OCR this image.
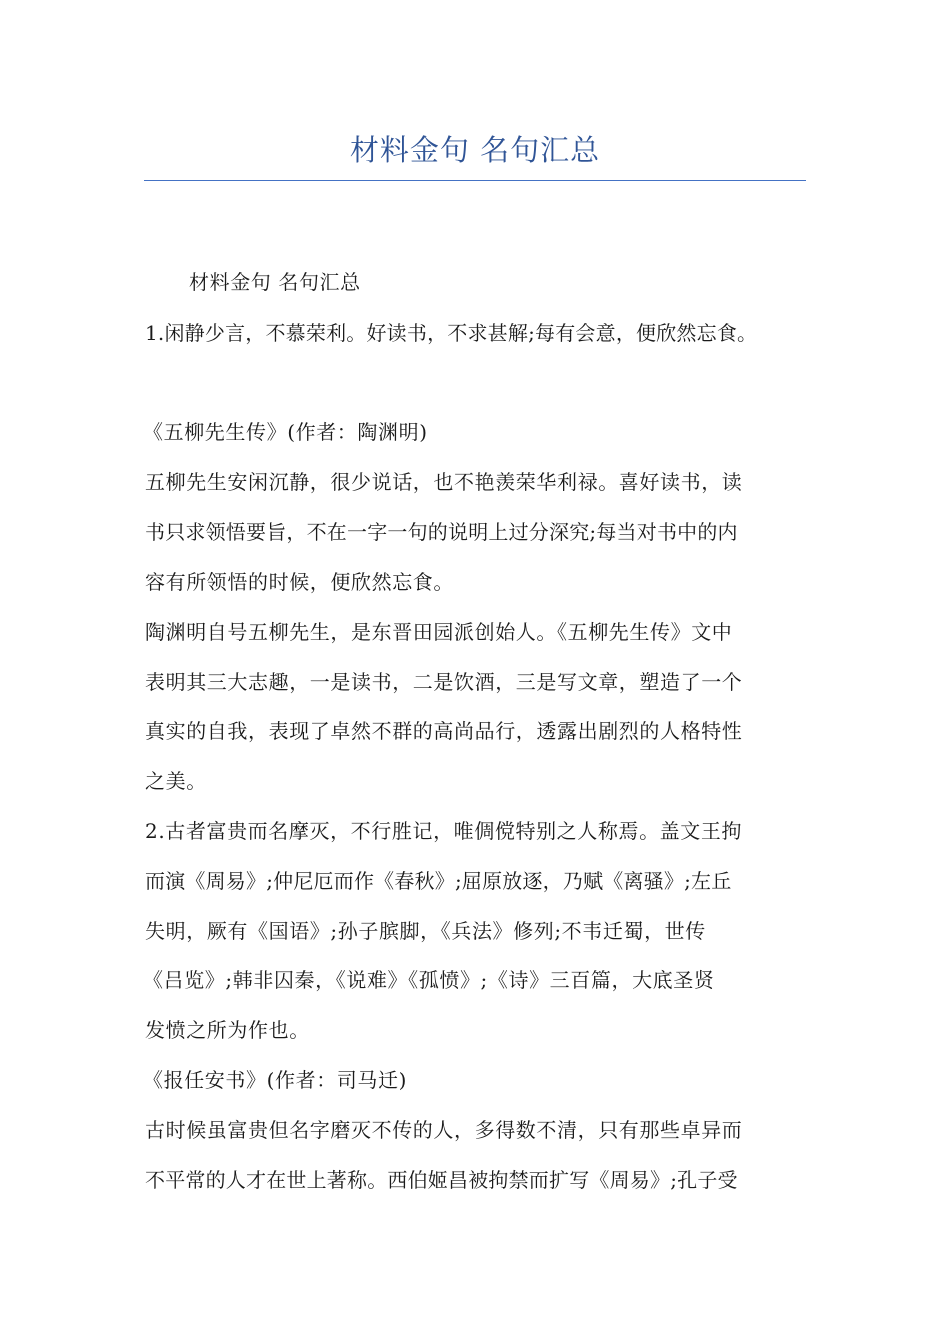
材料金句 名句汇总
材料金句 名句汇总
1.闲静少言，不慕荣利。好读书，不求甚解;每有会意，便欣然忘食。
《五柳先生传》(作者：陶渊明)
五柳先生安闲沉静，很少说话，也不艳羡荣华利禄。喜好读书，读
书只求领悟要旨，不在一字一句的说明上过分深究;每当对书中的内
容有所领悟的时候，便欣然忘食。
陶渊明自号五柳先生，是东晋田园派创始人。《五柳先生传》文中
表明其三大志趣，一是读书，二是饮酒，三是写文章，塑造了一个
真实的自我，表现了卓然不群的高尚品行，透露出剧烈的人格特性
之美。
2.古者富贵而名摩灭，不行胜记，唯倜傥特别之人称焉。盖文王拘
而演《周易》;仲尼厄而作《春秋》;屈原放逐，乃赋《离骚》;左丘
失明，厥有《国语》;孙子膑脚，《兵法》修列;不韦迁蜀，世传
《吕览》;韩非囚秦，《说难》《孤愤》;《诗》三百篇，大底圣贤
发愤之所为作也。
《报任安书》(作者：司马迁)
古时候虽富贵但名字磨灭不传的人，多得数不清，只有那些卓异而
不平常的人才在世上著称。西伯姬昌被拘禁而扩写《周易》;孔子受
